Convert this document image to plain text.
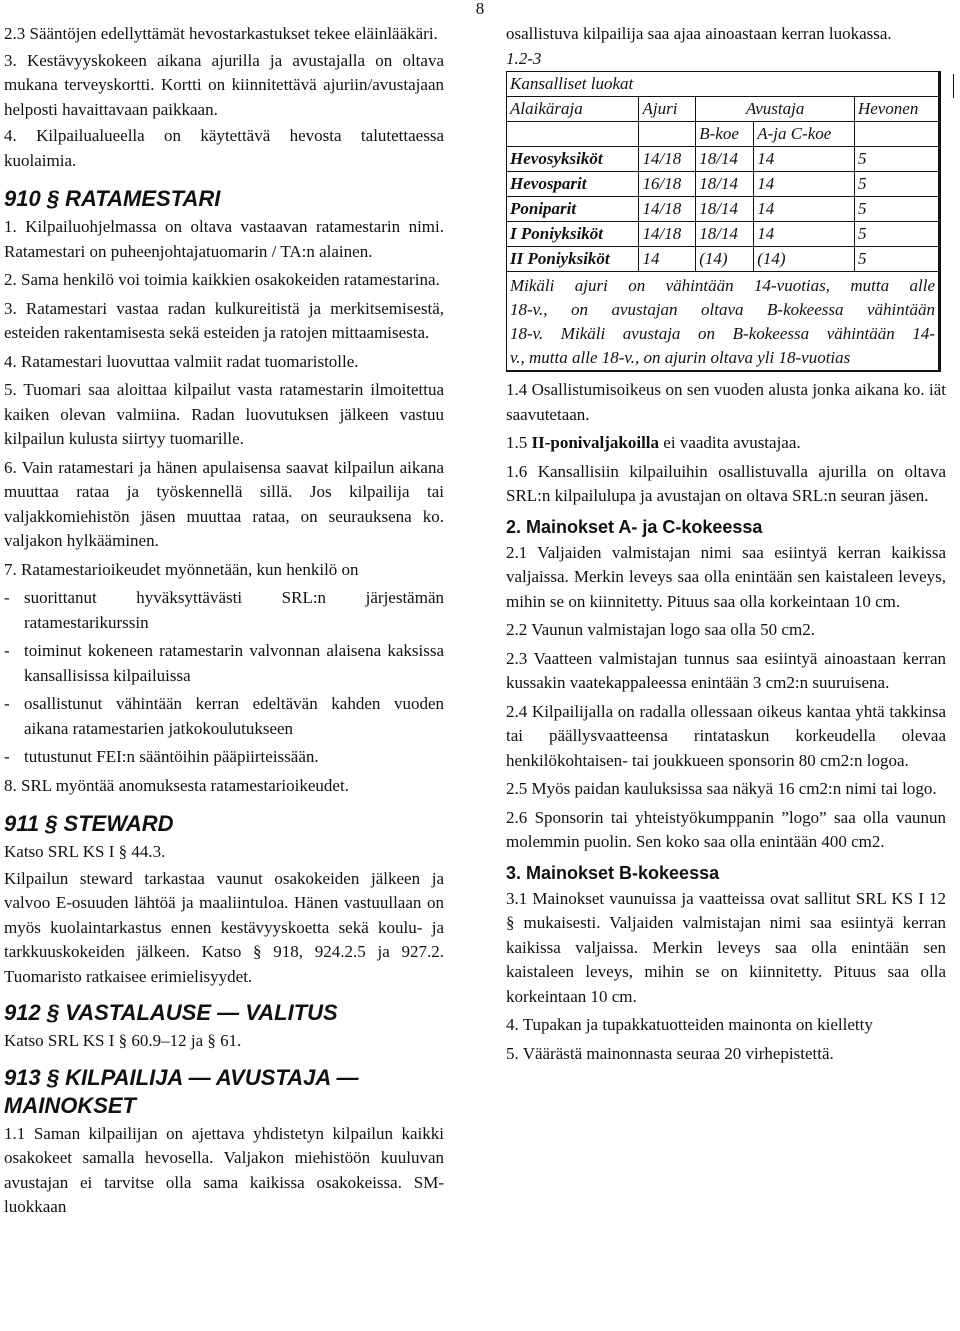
8

2.3 Sääntöjen edellyttämät hevostarkastukset tekee eläinlääkäri.

3. Kestävyyskokeen aikana ajurilla ja avustajalla on oltava mukana terveyskortti. Kortti on kiinnitettävä ajuriin/avustajaan helposti havaittavaan paikkaan.

4. Kilpailualueella on käytettävä hevosta talutettaessa kuolaimia.

910 § RATAMESTARI

1. Kilpailuohjelmassa on oltava vastaavan ratamestarin nimi. Ratamestari on puheenjohtajatuomarin / TA:n alainen.

2. Sama henkilö voi toimia kaikkien osakokeiden ratamestarina.

3. Ratamestari vastaa radan kulkureitistä ja merkitsemisestä, esteiden rakentamisesta sekä esteiden ja ratojen mittaamisesta.

4. Ratamestari luovuttaa valmiit radat tuomaristolle.

5. Tuomari saa aloittaa kilpailut vasta ratamestarin ilmoitettua kaiken olevan valmiina. Radan luovutuksen jälkeen vastuu kilpailun kulusta siirtyy tuomarille.

6. Vain ratamestari ja hänen apulaisensa saavat kilpailun aikana muuttaa rataa ja työskennellä sillä. Jos kilpailija tai valjakkomiehistön jäsen muuttaa rataa, on seurauksena ko. valjakon hylkääminen.

7. Ratamestarioikeudet myönnetään, kun henkilö on

- suorittanut hyväksyttävästi SRL:n järjestämän ratamestarikurssin
- toiminut kokeneen ratamestarin valvonnan alaisena kaksissa kansallisissa kilpailuissa
- osallistunut vähintään kerran edeltävän kahden vuoden aikana ratamestarien jatkokoulutukseen
- tutustunut FEI:n sääntöihin pääpiirteissään.

8. SRL myöntää anomuksesta ratamestarioikeudet.

911 § STEWARD

Katso SRL KS I § 44.3.

Kilpailun steward tarkastaa vaunut osakokeiden jälkeen ja valvoo E-osuuden lähtöä ja maaliintuloa. Hänen vastuullaan on myös kuolaintarkastus ennen kestävyyskoetta sekä koulu- ja tarkkuuskokeiden jälkeen. Katso § 918, 924.2.5 ja 927.2. Tuomaristo ratkaisee erimielisyydet.

912 § VASTALAUSE — VALITUS

Katso SRL KS I § 60.9–12 ja § 61.

913 § KILPAILIJA — AVUSTAJA — MAINOKSET

1.1 Saman kilpailijan on ajettava yhdistetyn kilpailun kaikki osakokeet samalla hevosella. Valjakon miehistöön kuuluvan avustajan ei tarvitse olla sama kaikissa osakokeissa. SM-luokkaan

osallistuva kilpailija saa ajaa ainoastaan kerran luokassa.

1.2-3

Kansalliset luokat				
Alaikäraja	Ajuri	Avustaja		Hevonen
		B-koe	A-ja C-koe	
Hevosyksiköt	14/18	18/14	14	5
Hevosparit	16/18	18/14	14	5
Poniparit	14/18	18/14	14	5
I Poniyksiköt	14/18	18/14	14	5
II Poniyksiköt	14	(14)	(14)	5

Mikäli ajuri on vähintään 14-vuotias, mutta alle
18-v., on avustajan oltava B-kokeessa vähintään
18-v. Mikäli avustaja on B-kokeessa vähintään 14-
v., mutta alle 18-v., on ajurin oltava yli 18-vuotias				

1.4 Osallistumisoikeus on sen vuoden alusta jonka aikana ko. iät saavutetaan.

1.5 II-ponivaljakoilla ei vaadita avustajaa.

1.6 Kansallisiin kilpailuihin osallistuvalla ajurilla on oltava SRL:n kilpailulupa ja avustajan on oltava SRL:n seuran jäsen.

2. Mainokset A- ja C-kokeessa

2.1 Valjaiden valmistajan nimi saa esiintyä kerran kaikissa valjaissa. Merkin leveys saa olla enintään sen kaistaleen leveys, mihin se on kiinnitetty. Pituus saa olla korkeintaan 10 cm.

2.2 Vaunun valmistajan logo saa olla 50 cm2.

2.3 Vaatteen valmistajan tunnus saa esiintyä ainoastaan kerran kussakin vaatekappaleessa enintään 3 cm2:n suuruisena.

2.4 Kilpailijalla on radalla ollessaan oikeus kantaa yhtä takkinsa tai päällysvaatteensa rintataskun korkeudella olevaa henkilökohtaisen- tai joukkueen sponsorin 80 cm2:n logoa.

2.5 Myös paidan kauluksissa saa näkyä 16 cm2:n nimi tai logo.

2.6 Sponsorin tai yhteistyökumppanin ”logo” saa olla vaunun molemmin puolin. Sen koko saa olla enintään 400 cm2.

3. Mainokset B-kokeessa

3.1 Mainokset vaunuissa ja vaatteissa ovat sallitut SRL KS I 12 § mukaisesti. Valjaiden valmistajan nimi saa esiintyä kerran kaikissa valjaissa. Merkin leveys saa olla enintään sen kaistaleen leveys, mihin se on kiinnitetty. Pituus saa olla korkeintaan 10 cm.

4. Tupakan ja tupakkatuotteiden mainonta on kielletty

5. Väärästä mainonnasta seuraa 20 virhepistettä.
